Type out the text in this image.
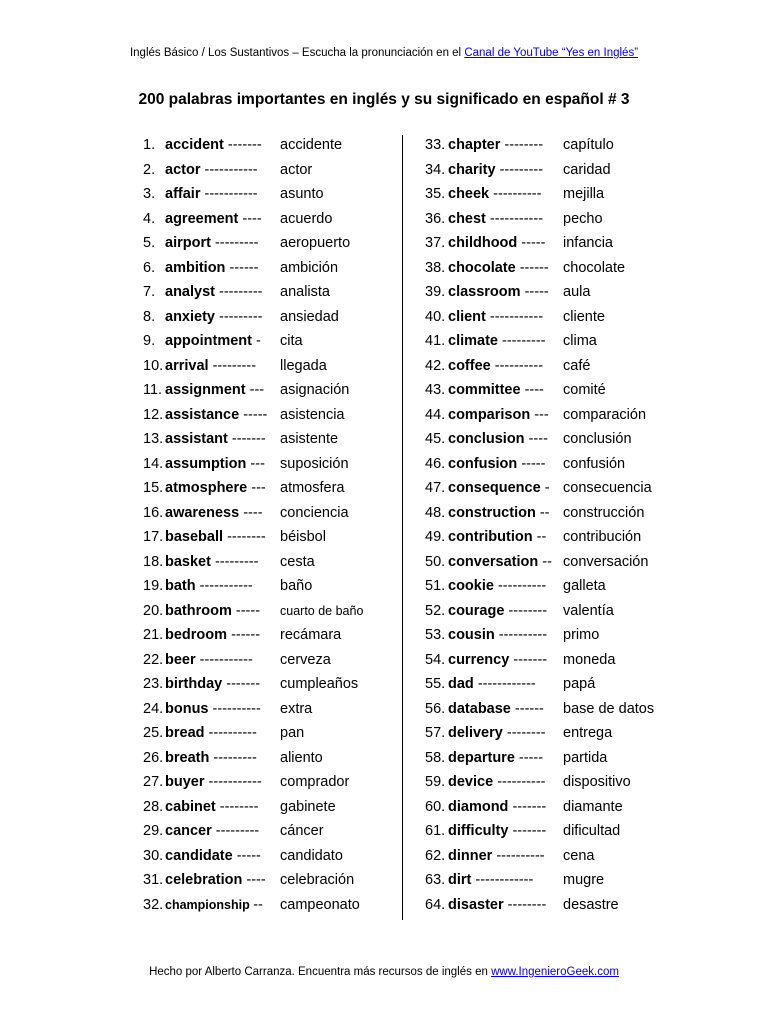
Inglés Básico / Los Sustantivos – Escucha la pronunciación en el Canal de YouTube “Yes en Inglés”
200 palabras importantes en inglés y su significado en español # 3
1. accident ------- accidente
2. actor ----------- actor
3. affair ----------- asunto
4. agreement ---- acuerdo
5. airport --------- aeropuerto
6. ambition ------ ambición
7. analyst --------- analista
8. anxiety --------- ansiedad
9. appointment - cita
10. arrival --------- llegada
11. assignment --- asignación
12. assistance ----- asistencia
13. assistant ------- asistente
14. assumption --- suposición
15. atmosphere --- atmosfera
16. awareness ---- conciencia
17. baseball -------- béisbol
18. basket --------- cesta
19. bath ----------- baño
20. bathroom ----- cuarto de baño
21. bedroom ------ recámara
22. beer ----------- cerveza
23. birthday ------- cumpleaños
24. bonus ---------- extra
25. bread ---------- pan
26. breath --------- aliento
27. buyer ----------- comprador
28. cabinet -------- gabinete
29. cancer --------- cáncer
30. candidate ----- candidato
31. celebration ---- celebración
32. championship -- campeonato
33. chapter -------- capítulo
34. charity --------- caridad
35. cheek ---------- mejilla
36. chest ----------- pecho
37. childhood ----- infancia
38. chocolate ------ chocolate
39. classroom ----- aula
40. client ----------- cliente
41. climate --------- clima
42. coffee ---------- café
43. committee ---- comité
44. comparison --- comparación
45. conclusion ---- conclusión
46. confusion ----- confusión
47. consequence - consecuencia
48. construction -- construcción
49. contribution -- contribución
50. conversation -- conversación
51. cookie ---------- galleta
52. courage -------- valentía
53. cousin ---------- primo
54. currency ------- moneda
55. dad ------------ papá
56. database ------ base de datos
57. delivery -------- entrega
58. departure ----- partida
59. device ---------- dispositivo
60. diamond ------- diamante
61. difficulty ------- dificultad
62. dinner ---------- cena
63. dirt ------------ mugre
64. disaster -------- desastre
Hecho por Alberto Carranza. Encuentra más recursos de inglés en www.IngenieroGeek.com
